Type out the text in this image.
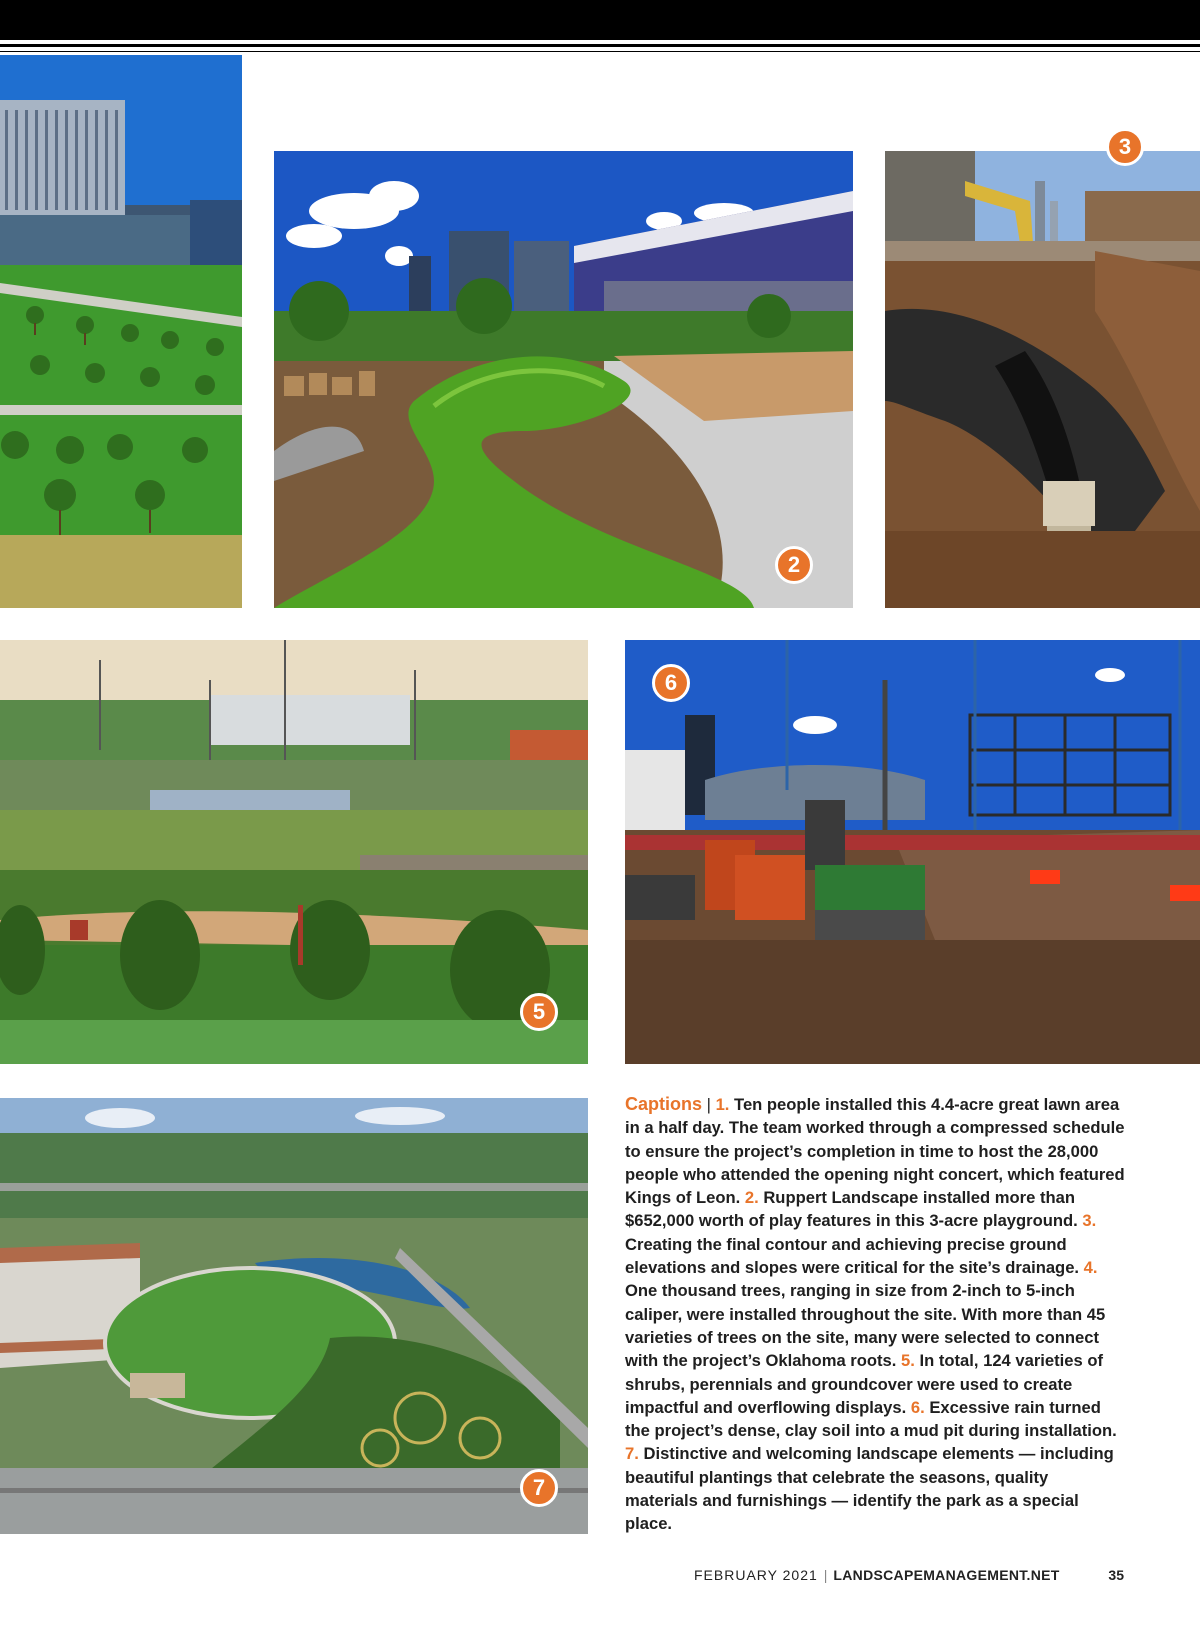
2
3
5
6
7
Captions | 1. Ten people installed this 4.4-acre great lawn area in a half day. The team worked through a compressed schedule to ensure the project’s completion in time to host the 28,000 people who attended the opening night concert, which featured Kings of Leon. 2. Ruppert Landscape installed more than $652,000 worth of play features in this 3-acre playground. 3. Creating the final contour and achieving precise ground elevations and slopes were critical for the site’s drainage. 4. One thousand trees, ranging in size from 2-inch to 5-inch caliper, were installed throughout the site. With more than 45 varieties of trees on the site, many were selected to connect with the project’s Oklahoma roots. 5. In total, 124 varieties of shrubs, perennials and groundcover were used to create impactful and overflowing displays. 6. Excessive rain turned the project’s dense, clay soil into a mud pit during installation. 7. Distinctive and welcoming landscape elements — including beautiful plantings that celebrate the seasons, quality materials and furnishings — identify the park as a special place.
FEBRUARY 2021 | LANDSCAPEMANAGEMENT.NET	35
